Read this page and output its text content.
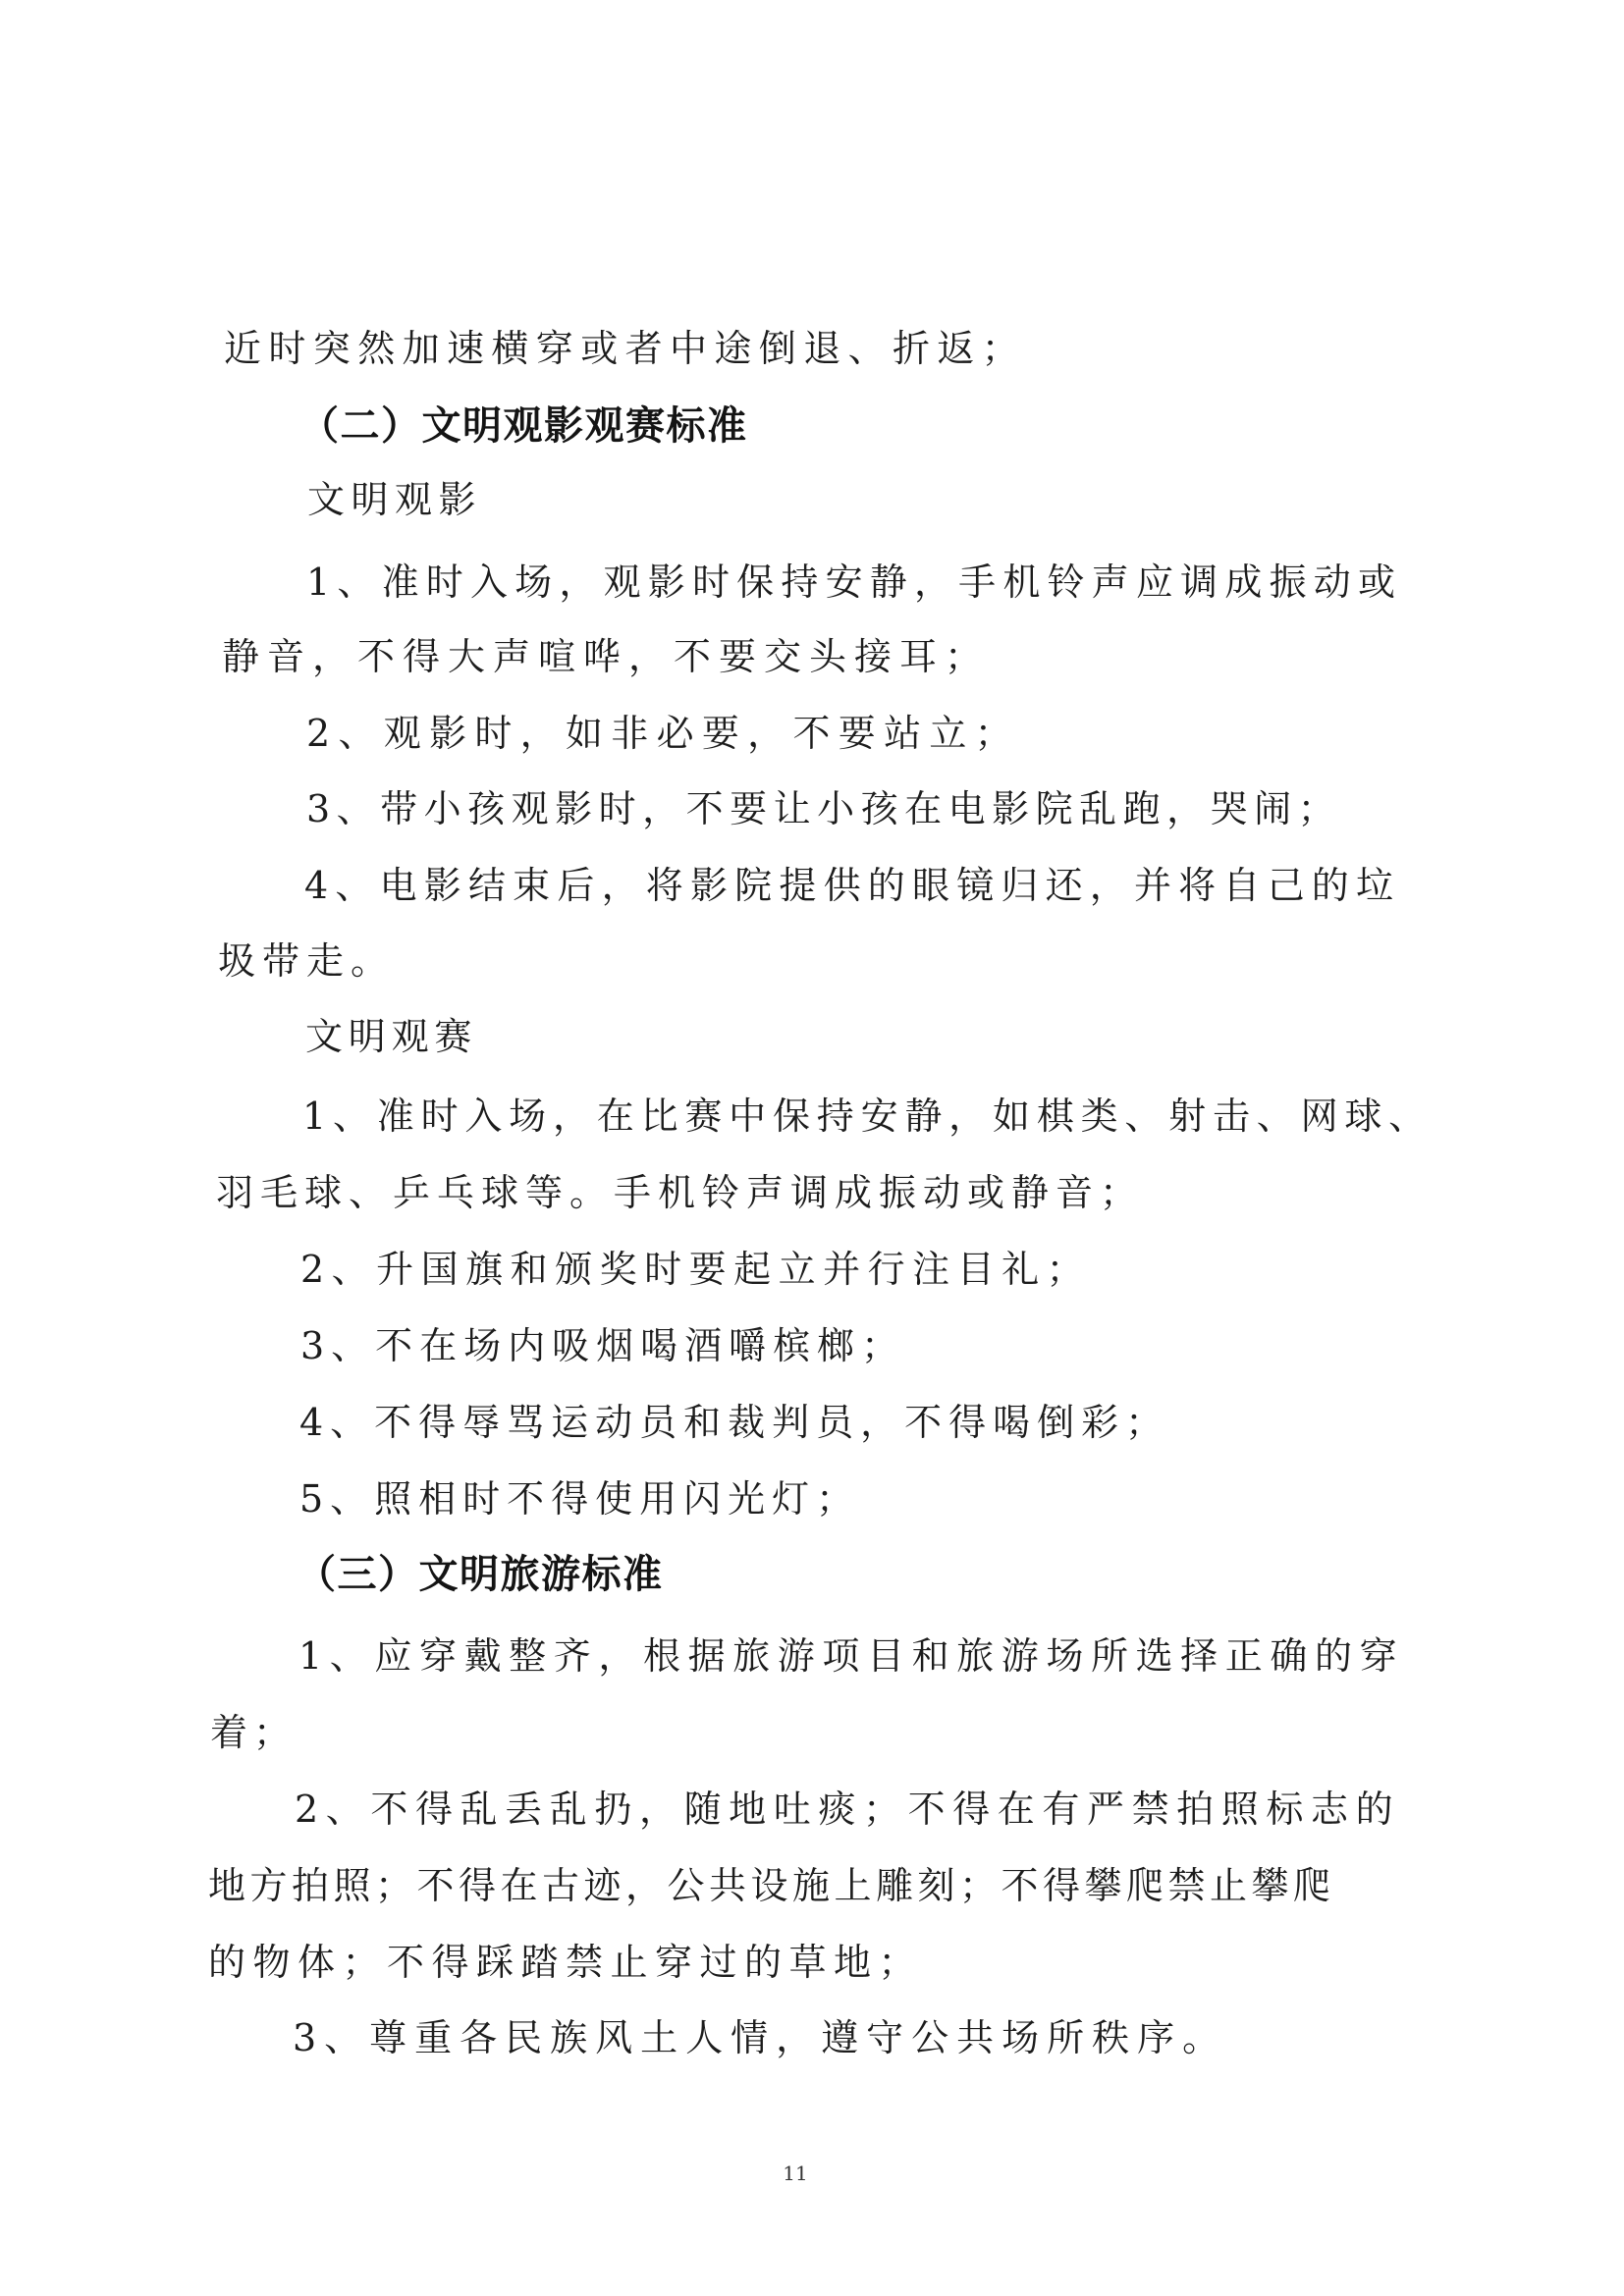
近时突然加速横穿或者中途倒退、折返；
（二）文明观影观赛标准
文明观影
1、准时入场，观影时保持安静，手机铃声应调成振动或
静音，不得大声喧哗，不要交头接耳；
2、观影时，如非必要，不要站立；
3、带小孩观影时，不要让小孩在电影院乱跑，哭闹；
4、电影结束后，将影院提供的眼镜归还，并将自己的垃
圾带走。
文明观赛
1、准时入场，在比赛中保持安静，如棋类、射击、网球、
羽毛球、乒乓球等。手机铃声调成振动或静音；
2、升国旗和颁奖时要起立并行注目礼；
3、不在场内吸烟喝酒嚼槟榔；
4、不得辱骂运动员和裁判员，不得喝倒彩；
5、照相时不得使用闪光灯；
（三）文明旅游标准
1、应穿戴整齐，根据旅游项目和旅游场所选择正确的穿
着；
2、不得乱丢乱扔，随地吐痰；不得在有严禁拍照标志的
地方拍照；不得在古迹，公共设施上雕刻；不得攀爬禁止攀爬
的物体；不得踩踏禁止穿过的草地；
3、尊重各民族风土人情，遵守公共场所秩序。
11
